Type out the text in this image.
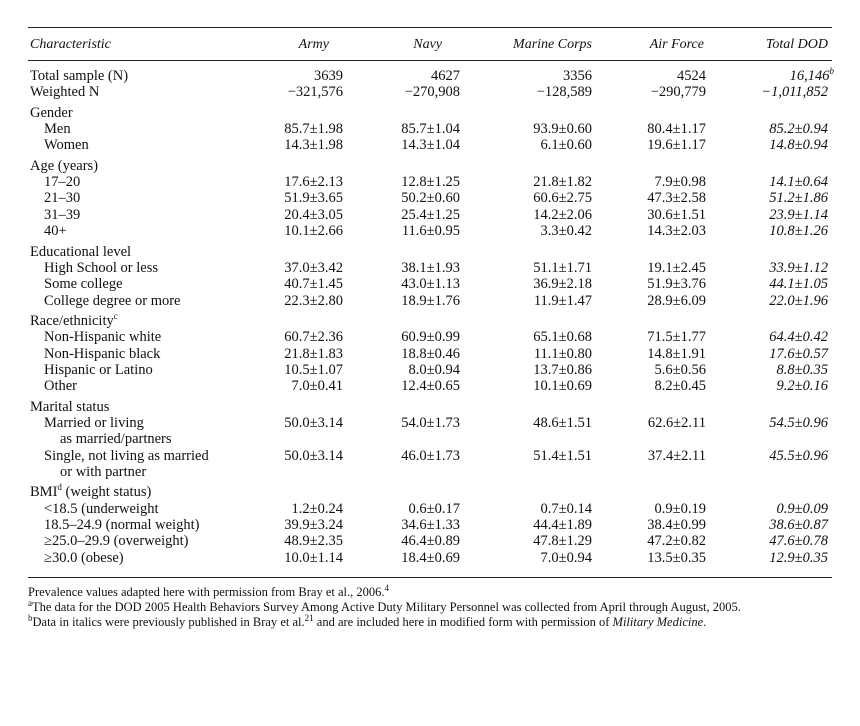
Characteristic	Army	Navy	Marine Corps	Air Force	Total DOD
Total sample (N)	3639	4627	3356	4524	16,146$^b$
Weighted N	−321,576	−270,908	−128,589	−290,779	−1,011,852
Gender
Men	85.7±1.98	85.7±1.04	93.9±0.60	80.4±1.17	85.2±0.94
Women	14.3±1.98	14.3±1.04	6.1±0.60	19.6±1.17	14.8±0.94
Age (years)
17–20	17.6±2.13	12.8±1.25	21.8±1.82	7.9±0.98	14.1±0.64
21–30	51.9±3.65	50.2±0.60	60.6±2.75	47.3±2.58	51.2±1.86
31–39	20.4±3.05	25.4±1.25	14.2±2.06	30.6±1.51	23.9±1.14
40+	10.1±2.66	11.6±0.95	3.3±0.42	14.3±2.03	10.8±1.26
Educational level
High School or less	37.0±3.42	38.1±1.93	51.1±1.71	19.1±2.45	33.9±1.12
Some college	40.7±1.45	43.0±1.13	36.9±2.18	51.9±3.76	44.1±1.05
College degree or more	22.3±2.80	18.9±1.76	11.9±1.47	28.9±6.09	22.0±1.96
Race/ethnicity$^c$
Non-Hispanic white	60.7±2.36	60.9±0.99	65.1±0.68	71.5±1.77	64.4±0.42
Non-Hispanic black	21.8±1.83	18.8±0.46	11.1±0.80	14.8±1.91	17.6±0.57
Hispanic or Latino	10.5±1.07	8.0±0.94	13.7±0.86	5.6±0.56	8.8±0.35
Other	7.0±0.41	12.4±0.65	10.1±0.69	8.2±0.45	9.2±0.16
Marital status
Married or living	50.0±3.14	54.0±1.73	48.6±1.51	62.6±2.11	54.5±0.96
as married/partners
Single, not living as married	50.0±3.14	46.0±1.73	51.4±1.51	37.4±2.11	45.5±0.96
or with partner
BMI$^d$ (weight status)
<18.5 (underweight	1.2±0.24	0.6±0.17	0.7±0.14	0.9±0.19	0.9±0.09
18.5–24.9 (normal weight)	39.9±3.24	34.6±1.33	44.4±1.89	38.4±0.99	38.6±0.87
≥25.0–29.9 (overweight)	48.9±2.35	46.4±0.89	47.8±1.29	47.2±0.82	47.6±0.78
≥30.0 (obese)	10.0±1.14	18.4±0.69	7.0±0.94	13.5±0.35	12.9±0.35

Prevalence values adapted here with permission from Bray et al., 2006.$^4$

$^a$The data for the DOD 2005 Health Behaviors Survey Among Active Duty Military Personnel was collected from April through August, 2005.

$^b$Data in italics were previously published in Bray et al.$^{21}$ and are included here in modified form with permission of Military Medicine.
